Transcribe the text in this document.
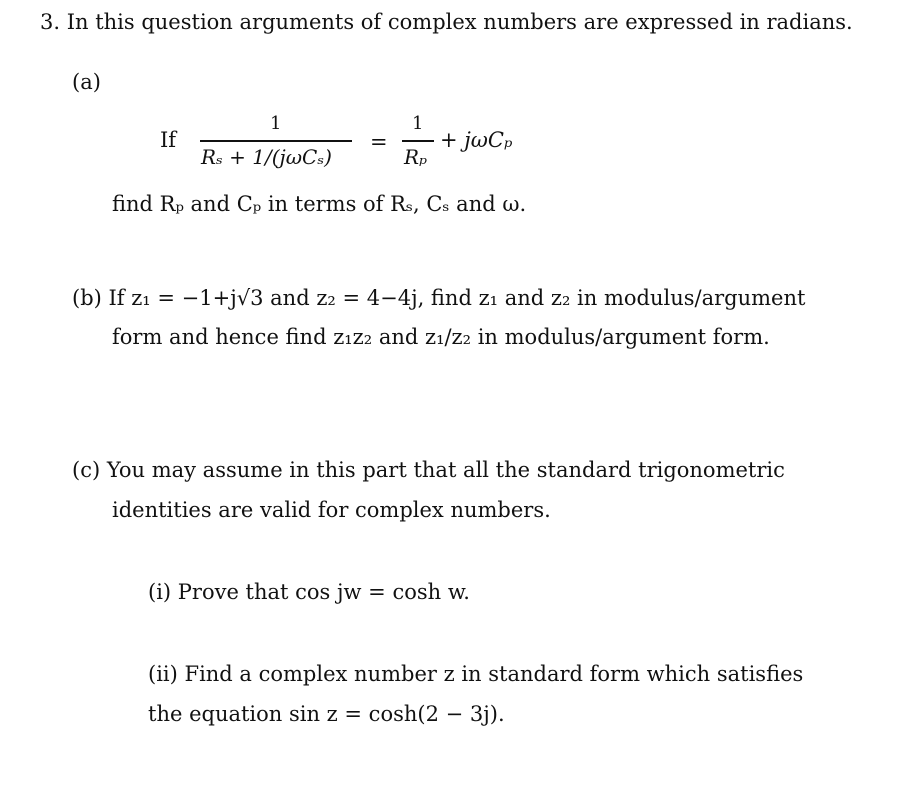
3. In this question arguments of complex numbers are expressed in radians.
(a)
If
1
Rₛ + 1/(jωCₛ)
=
1
Rₚ
+ jωCₚ
find Rₚ and Cₚ in terms of Rₛ, Cₛ and ω.
(b) If z₁ = −1+j√3 and z₂ = 4−4j, find z₁ and z₂ in modulus/argument
form and hence find z₁z₂ and z₁/z₂ in modulus/argument form.
(c) You may assume in this part that all the standard trigonometric
identities are valid for complex numbers.
(i) Prove that cos jw = cosh w.
(ii) Find a complex number z in standard form which satisfies
the equation sin z = cosh(2 − 3j).
